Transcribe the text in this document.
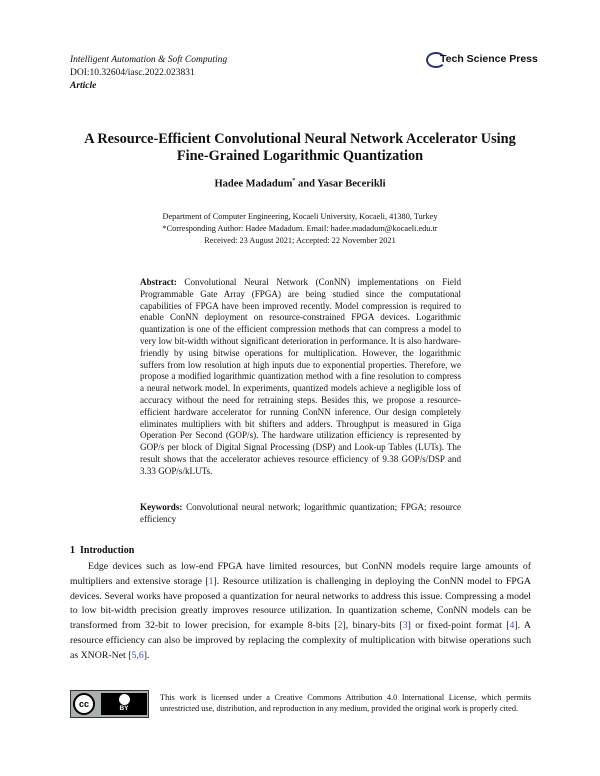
Intelligent Automation & Soft Computing
DOI:10.32604/iasc.2022.023831
Article
Tech Science Press
A Resource-Efficient Convolutional Neural Network Accelerator Using
Fine-Grained Logarithmic Quantization
Hadee Madadum* and Yasar Becerikli
Department of Computer Engineering, Kocaeli University, Kocaeli, 41380, Turkey
*Corresponding Author: Hadee Madadum. Email: hadee.madadum@kocaeli.edu.tr
Received: 23 August 2021; Accepted: 22 November 2021
Abstract: Convolutional Neural Network (ConNN) implementations on Field Programmable Gate Array (FPGA) are being studied since the computational capabilities of FPGA have been improved recently. Model compression is required to enable ConNN deployment on resource-constrained FPGA devices. Logarithmic quantization is one of the efficient compression methods that can compress a model to very low bit-width without significant deterioration in performance. It is also hardware-friendly by using bitwise operations for multiplication. However, the logarithmic suffers from low resolution at high inputs due to exponential properties. Therefore, we propose a modified logarithmic quantization method with a fine resolution to compress a neural network model. In experiments, quantized models achieve a negligible loss of accuracy without the need for retraining steps. Besides this, we propose a resource-efficient hardware accelerator for running ConNN inference. Our design completely eliminates multipliers with bit shifters and adders. Throughput is measured in Giga Operation Per Second (GOP/s). The hardware utilization efficiency is represented by GOP/s per block of Digital Signal Processing (DSP) and Look-up Tables (LUTs). The result shows that the accelerator achieves resource efficiency of 9.38 GOP/s/DSP and 3.33 GOP/s/kLUTs.
Keywords: Convolutional neural network; logarithmic quantization; FPGA; resource efficiency
1  Introduction
Edge devices such as low-end FPGA have limited resources, but ConNN models require large amounts of multipliers and extensive storage [1]. Resource utilization is challenging in deploying the ConNN model to FPGA devices. Several works have proposed a quantization for neural networks to address this issue. Compressing a model to low bit-width precision greatly improves resource utilization. In quantization scheme, ConNN models can be transformed from 32-bit to lower precision, for example 8-bits [2], binary-bits [3] or fixed-point format [4]. A resource efficiency can also be improved by replacing the complexity of multiplication with bitwise operations such as XNOR-Net [5,6].
cc	BY
This work is licensed under a Creative Commons Attribution 4.0 International License, which permits unrestricted use, distribution, and reproduction in any medium, provided the original work is properly cited.
